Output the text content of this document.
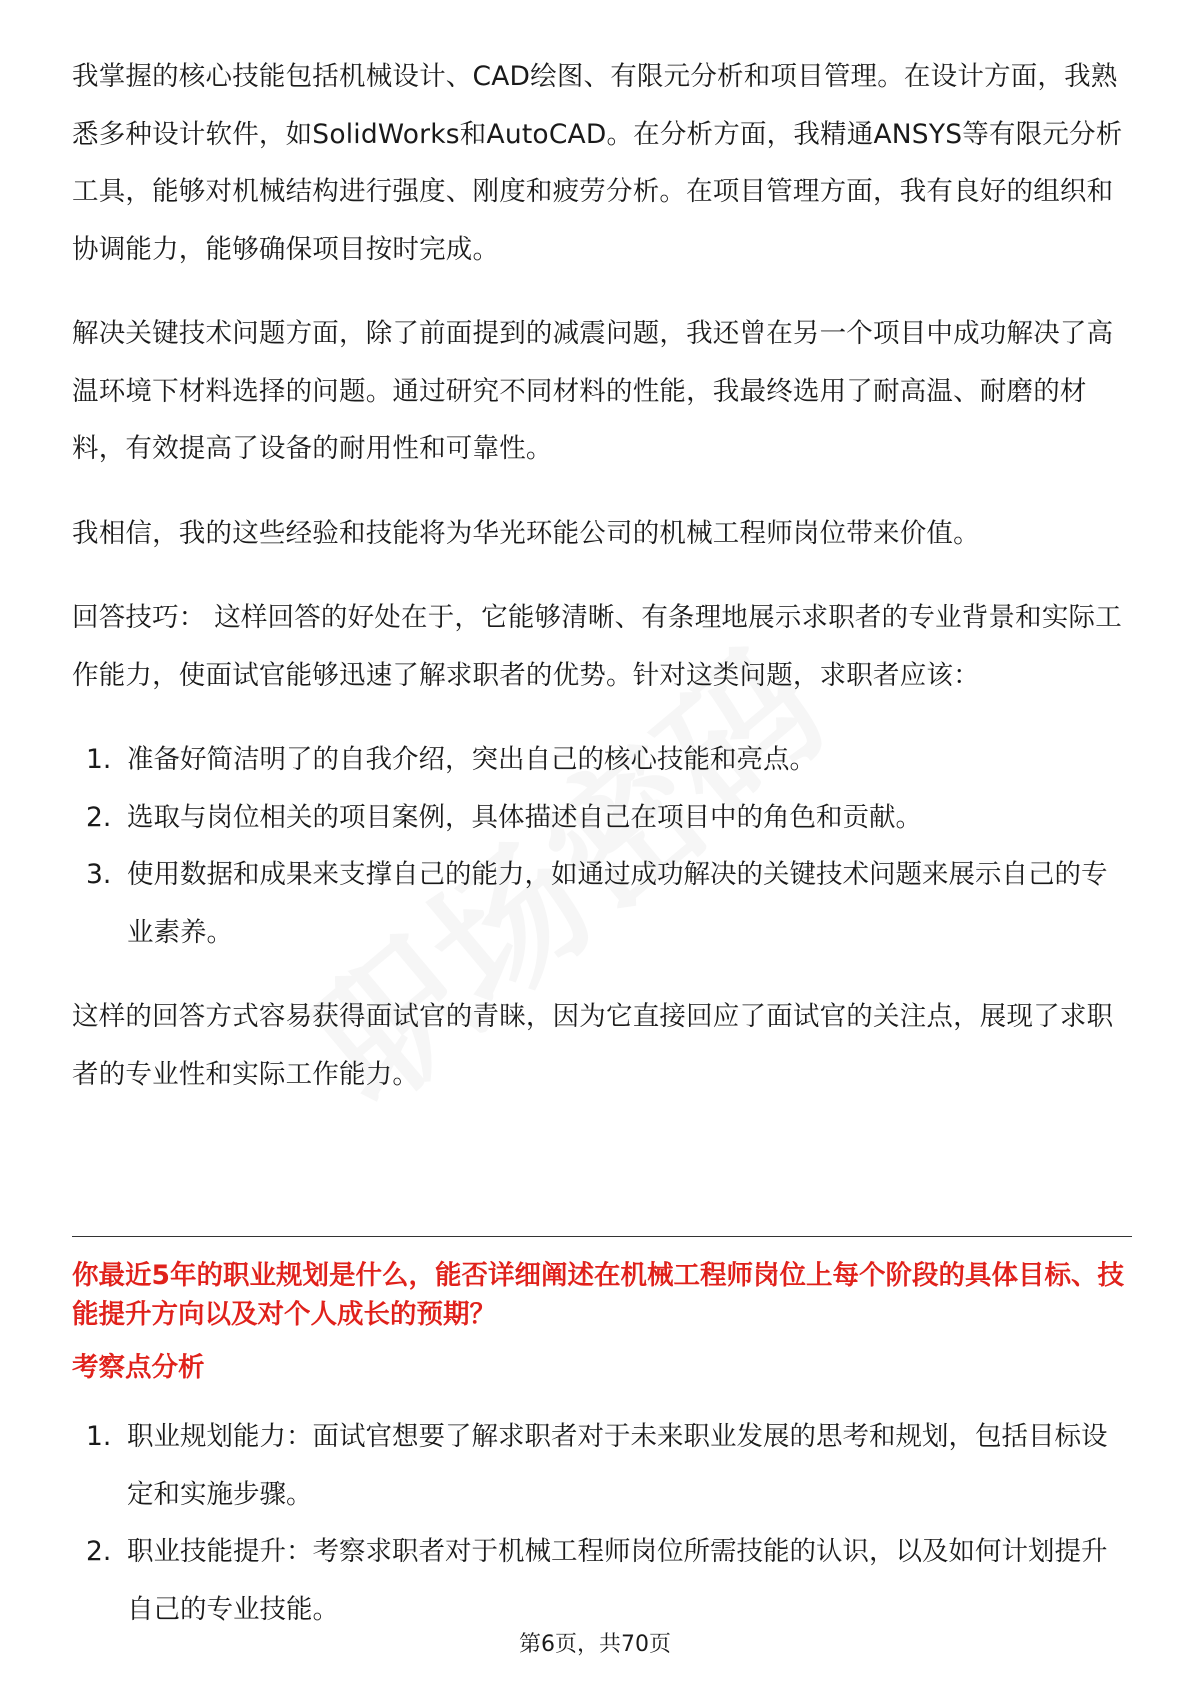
我掌握的核心技能包括机械设计、CAD绘图、有限元分析和项目管理。在设计方面，我熟悉多种设计软件，如SolidWorks和AutoCAD。在分析方面，我精通ANSYS等有限元分析工具，能够对机械结构进行强度、刚度和疲劳分析。在项目管理方面，我有良好的组织和协调能力，能够确保项目按时完成。

解决关键技术问题方面，除了前面提到的减震问题，我还曾在另一个项目中成功解决了高温环境下材料选择的问题。通过研究不同材料的性能，我最终选用了耐高温、耐磨的材料，有效提高了设备的耐用性和可靠性。

我相信，我的这些经验和技能将为华光环能公司的机械工程师岗位带来价值。

回答技巧： 这样回答的好处在于，它能够清晰、有条理地展示求职者的专业背景和实际工作能力，使面试官能够迅速了解求职者的优势。针对这类问题，求职者应该：

1. 准备好简洁明了的自我介绍，突出自己的核心技能和亮点。
2. 选取与岗位相关的项目案例，具体描述自己在项目中的角色和贡献。
3. 使用数据和成果来支撑自己的能力，如通过成功解决的关键技术问题来展示自己的专业素养。

这样的回答方式容易获得面试官的青睐，因为它直接回应了面试官的关注点，展现了求职者的专业性和实际工作能力。

你最近5年的职业规划是什么，能否详细阐述在机械工程师岗位上每个阶段的具体目标、技能提升方向以及对个人成长的预期？
考察点分析
1. 职业规划能力：面试官想要了解求职者对于未来职业发展的思考和规划，包括目标设定和实施步骤。
2. 职业技能提升：考察求职者对于机械工程师岗位所需技能的认识，以及如何计划提升自己的专业技能。
第6页，共70页
